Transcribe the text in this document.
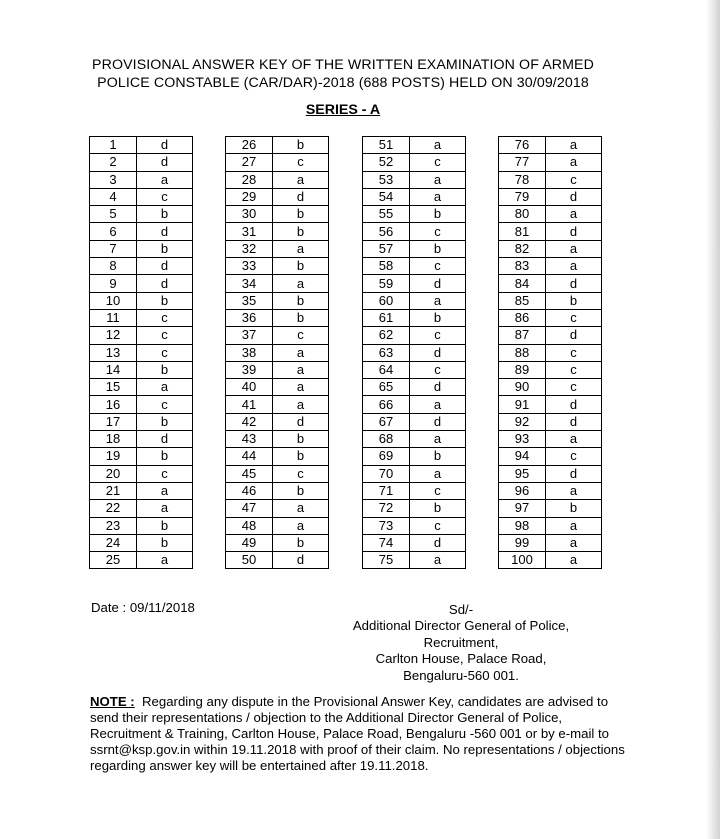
PROVISIONAL ANSWER KEY OF THE WRITTEN EXAMINATION OF ARMED
POLICE CONSTABLE (CAR/DAR)-2018 (688 POSTS) HELD ON 30/09/2018
SERIES - A
1	d
2	d
3	a
4	c
5	b
6	d
7	b
8	d
9	d
10	b
11	c
12	c
13	c
14	b
15	a
16	c
17	b
18	d
19	b
20	c
21	a
22	a
23	b
24	b
25	a
26	b
27	c
28	a
29	d
30	b
31	b
32	a
33	b
34	a
35	b
36	b
37	c
38	a
39	a
40	a
41	a
42	d
43	b
44	b
45	c
46	b
47	a
48	a
49	b
50	d
51	a
52	c
53	a
54	a
55	b
56	c
57	b
58	c
59	d
60	a
61	b
62	c
63	d
64	c
65	d
66	a
67	d
68	a
69	b
70	a
71	c
72	b
73	c
74	d
75	a
76	a
77	a
78	c
79	d
80	a
81	d
82	a
83	a
84	d
85	b
86	c
87	d
88	c
89	c
90	c
91	d
92	d
93	a
94	c
95	d
96	a
97	b
98	a
99	a
100	a
Date : 09/11/2018	Sd/-
Additional Director General of Police,
Recruitment,
Carlton House, Palace Road,
Bengaluru-560 001.
NOTE : Regarding any dispute in the Provisional Answer Key, candidates are advised to send their representations / objection to the Additional Director General of Police, Recruitment & Training, Carlton House, Palace Road, Bengaluru -560 001 or by e-mail to ssrnt@ksp.gov.in within 19.11.2018 with proof of their claim. No representations / objections regarding answer key will be entertained after 19.11.2018.
